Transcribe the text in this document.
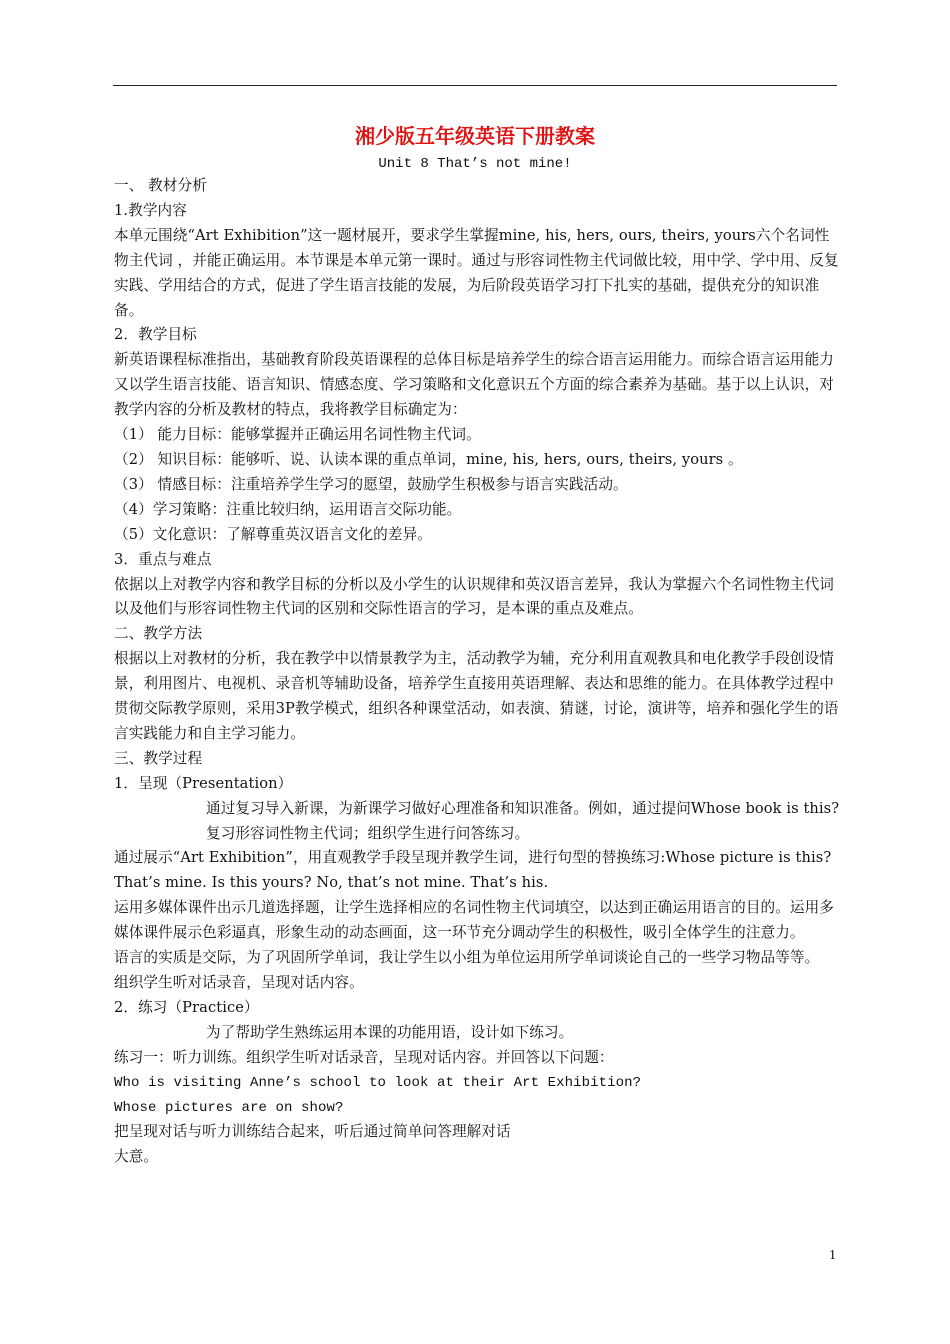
湘少版五年级英语下册教案
Unit 8 That’s not mine!

一、 教材分析

1.教学内容

本单元围绕“Art Exhibition”这一题材展开，要求学生掌握mine, his, hers, ours, theirs, yours六个名词性物主代词 ，并能正确运用。本节课是本单元第一课时。通过与形容词性物主代词做比较，用中学、学中用、反复实践、学用结合的方式，促进了学生语言技能的发展，为后阶段英语学习打下扎实的基础，提供充分的知识准备。

2．教学目标

新英语课程标准指出，基础教育阶段英语课程的总体目标是培养学生的综合语言运用能力。而综合语言运用能力又以学生语言技能、语言知识、情感态度、学习策略和文化意识五个方面的综合素养为基础。基于以上认识，对教学内容的分析及教材的特点，我将教学目标确定为：

（1） 能力目标：能够掌握并正确运用名词性物主代词。

（2） 知识目标：能够听、说、认读本课的重点单词，mine, his, hers, ours, theirs, yours 。

（3） 情感目标：注重培养学生学习的愿望，鼓励学生积极参与语言实践活动。

（4）学习策略：注重比较归纳，运用语言交际功能。

（5）文化意识：了解尊重英汉语言文化的差异。

3．重点与难点

依据以上对教学内容和教学目标的分析以及小学生的认识规律和英汉语言差异，我认为掌握六个名词性物主代词以及他们与形容词性物主代词的区别和交际性语言的学习，是本课的重点及难点。

二、教学方法

根据以上对教材的分析，我在教学中以情景教学为主，活动教学为辅，充分利用直观教具和电化教学手段创设情景，利用图片、电视机、录音机等辅助设备，培养学生直接用英语理解、表达和思维的能力。在具体教学过程中贯彻交际教学原则，采用3P教学模式，组织各种课堂活动，如表演、猜谜，讨论，演讲等，培养和强化学生的语言实践能力和自主学习能力。

三、教学过程

1．呈现（Presentation）

通过复习导入新课，为新课学习做好心理准备和知识准备。例如，通过提问Whose book is this? 复习形容词性物主代词；组织学生进行问答练习。

通过展示“Art Exhibition”，用直观教学手段呈现并教学生词，进行句型的替换练习:Whose picture is this? That’s mine. Is this yours? No, that’s not mine. That’s his.

运用多媒体课件出示几道选择题，让学生选择相应的名词性物主代词填空，以达到正确运用语言的目的。运用多媒体课件展示色彩逼真，形象生动的动态画面，这一环节充分调动学生的积极性，吸引全体学生的注意力。

语言的实质是交际，为了巩固所学单词，我让学生以小组为单位运用所学单词谈论自己的一些学习物品等等。

组织学生听对话录音，呈现对话内容。

2．练习（Practice）

为了帮助学生熟练运用本课的功能用语，设计如下练习。

练习一：听力训练。组织学生听对话录音，呈现对话内容。并回答以下问题：

Who is visiting Anne’s school to look at their Art Exhibition?

Whose pictures are on show?

把呈现对话与听力训练结合起来，听后通过简单问答理解对话

大意。

1
